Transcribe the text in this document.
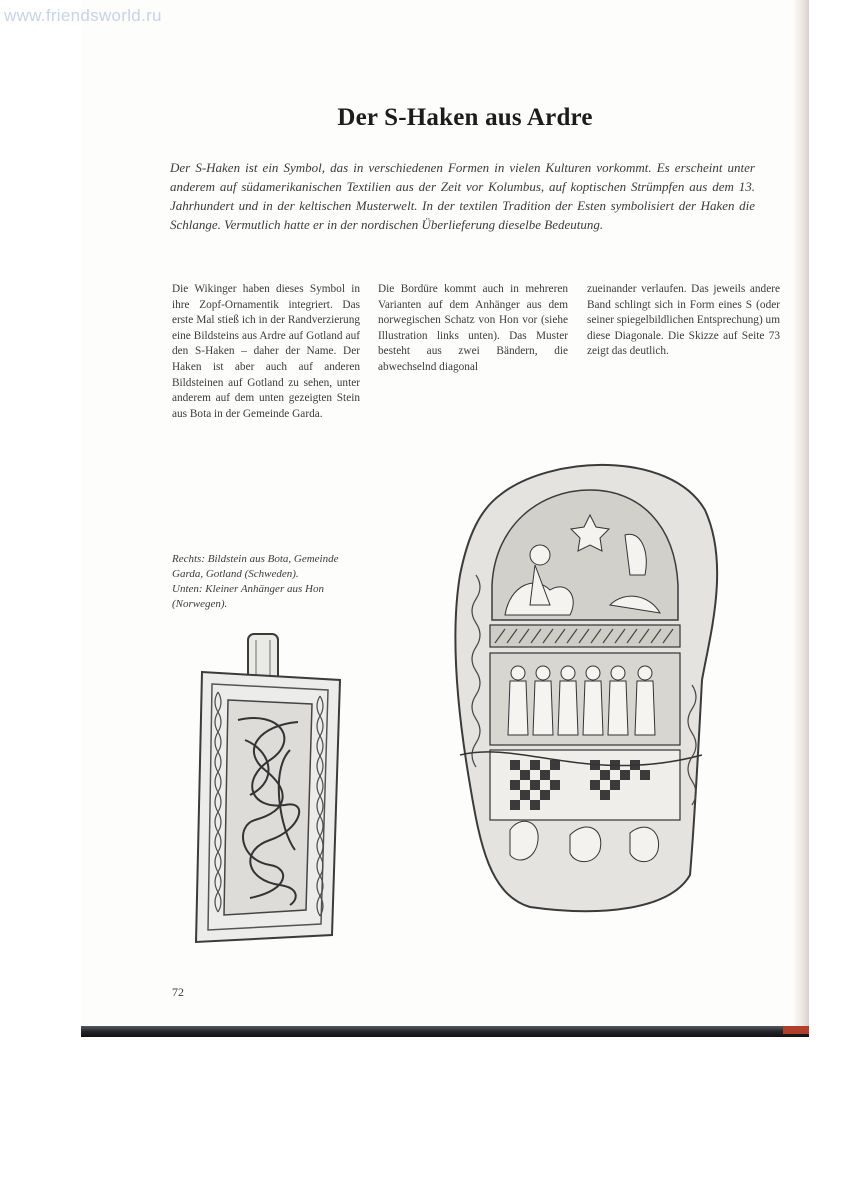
www.friendsworld.ru
Der S-Haken aus Ardre

Der S-Haken ist ein Symbol, das in verschiedenen Formen in vielen Kulturen vorkommt. Es erscheint unter anderem auf südamerikanischen Textilien aus der Zeit vor Kolumbus, auf koptischen Strümpfen aus dem 13. Jahrhundert und in der keltischen Musterwelt. In der textilen Tradition der Esten symbolisiert der Haken die Schlange. Vermutlich hatte er in der nordischen Überlieferung dieselbe Bedeutung.

Die Wikinger haben dieses Symbol in ihre Zopf-Ornamentik integriert. Das erste Mal stieß ich in der Randverzierung eine Bildsteins aus Ardre auf Gotland auf den S-Haken – daher der Name. Der Haken ist aber auch auf anderen Bildsteinen auf Gotland zu sehen, unter anderem auf dem unten gezeigten Stein aus Bota in der Gemeinde Garda.

Die Bordüre kommt auch in mehreren Varianten auf dem Anhänger aus dem norwegischen Schatz von Hon vor (siehe Illustration links unten). Das Muster besteht aus zwei Bändern, die abwechselnd diagonal

zueinander verlaufen. Das jeweils andere Band schlingt sich in Form eines S (oder seiner spiegelbildlichen Entsprechung) um diese Diagonale. Die Skizze auf Seite 73 zeigt das deutlich.

Rechts: Bildstein aus Bota, Gemeinde Garda, Gotland (Schweden).
Unten: Kleiner Anhänger aus Hon (Norwegen).
72
